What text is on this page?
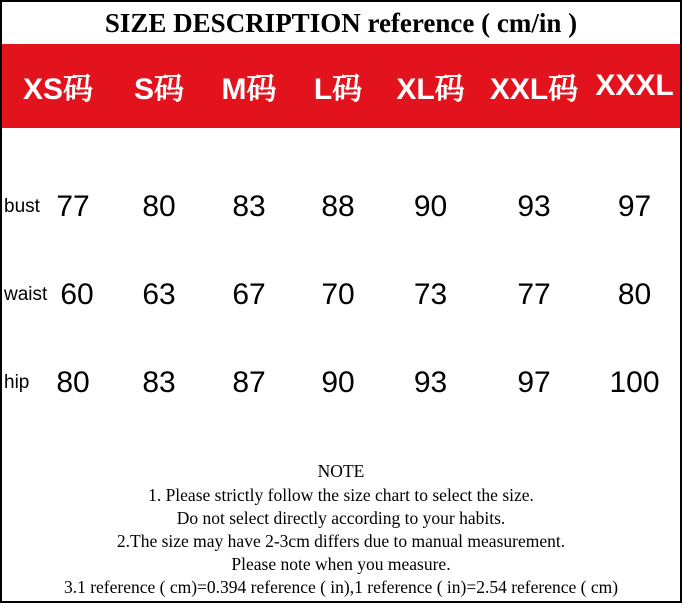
SIZE DESCRIPTION reference ( cm/in )
XS码	S码	M码	L码	XL码 XXL码 XXXL
bust 77	80	83	88	90	93	97
waist 60	63	67	70	73	77	80
hip 80	83	87	90	93	97	100
NOTE
1. Please strictly follow the size chart to select the size.
Do not select directly according to your habits.
2.The size may have 2-3cm differs due to manual measurement.
Please note when you measure.
3.1 reference ( cm)=0.394 reference ( in),1 reference ( in)=2.54 reference ( cm)
